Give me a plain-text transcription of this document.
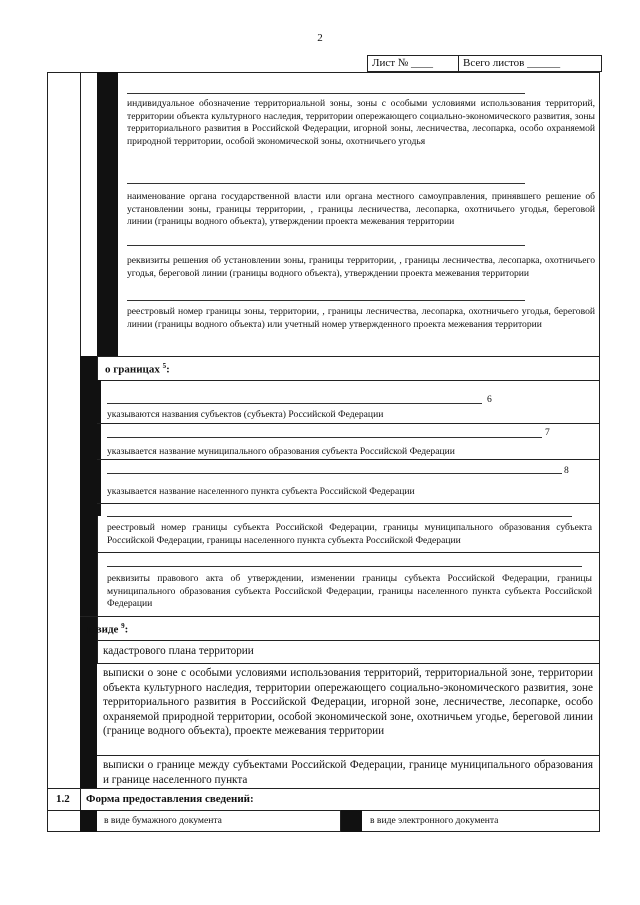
2
Лист № ____	Всего листов ______
индивидуальное обозначение территориальной зоны, зоны с особыми условиями использования территорий, территории объекта культурного наследия, территории опережающего социально-экономического развития, зоны территориального развития в Российской Федерации, игорной зоны, лесничества, лесопарка, особо охраняемой природной территории, особой экономической зоны, охотничьего угодья
наименование органа государственной власти или органа местного самоуправления, принявшего решение об установлении зоны, границы территории, , границы лесничества, лесопарка, охотничьего угодья, береговой линии (границы водного объекта), утверждении проекта межевания территории
реквизиты решения об установлении зоны, границы территории, , границы лесничества, лесопарка, охотничьего угодья, береговой линии (границы водного объекта), утверждении проекта межевания территории
реестровый номер границы зоны, территории, , границы лесничества, лесопарка, охотничьего угодья, береговой линии (границы водного объекта) или учетный номер утвержденного проекта межевания территории
о границах $^5$:
6
указываются названия субъектов (субъекта) Российской Федерации
7
указывается название муниципального образования субъекта Российской Федерации
8
указывается название населенного пункта субъекта Российской Федерации
реестровый номер границы субъекта Российской Федерации, границы муниципального образования субъекта Российской Федерации, границы населенного пункта субъекта Российской Федерации
реквизиты правового акта об утверждении, изменении границы субъекта Российской Федерации, границы муниципального образования субъекта Российской Федерации, границы населенного пункта субъекта Российской Федерации
в виде $^9$:
кадастрового плана территории
выписки о зоне с особыми условиями использования территорий, территориальной зоне, территории объекта культурного наследия, территории опережающего социально-экономического развития, зоне территориального развития в Российской Федерации, игорной зоне, лесничестве, лесопарке, особо охраняемой природной территории, особой экономической зоне, охотничьем угодье, береговой линии (границе водного объекта), проекте межевания территории
выписки о границе между субъектами Российской Федерации, границе муниципального образования и границе населенного пункта
1.2 Форма предоставления сведений:
в виде бумажного документа	в виде электронного документа
